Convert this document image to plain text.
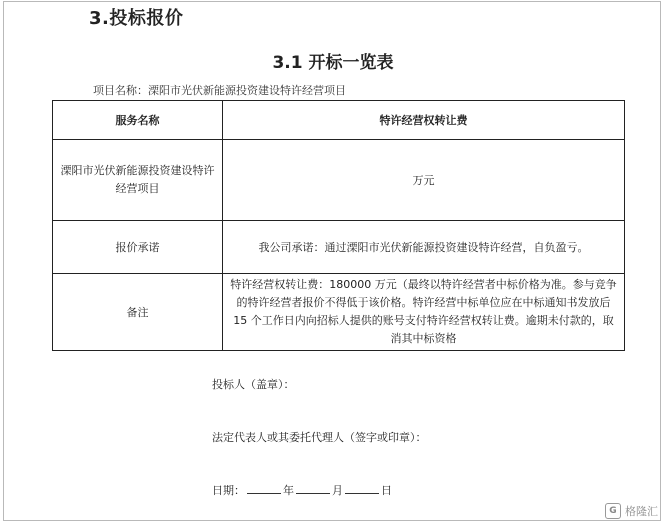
3.投标报价
3.1 开标一览表
项目名称：溧阳市光伏新能源投资建设特许经营项目
服务名称	特许经营权转让费
溧阳市光伏新能源投资建设特许经营项目	万元
报价承诺	我公司承诺：通过溧阳市光伏新能源投资建设特许经营，自负盈亏。
备注	特许经营权转让费：180000 万元（最终以特许经营者中标价格为准。参与竞争的特许经营者报价不得低于该价格。特许经营中标单位应在中标通知书发放后 15 个工作日内向招标人提供的账号支付特许经营权转让费。逾期未付款的，取消其中标资格
投标人（盖章）：
法定代表人或其委托代理人（签字或印章）：
日期：	年	月	日
G 格隆汇
